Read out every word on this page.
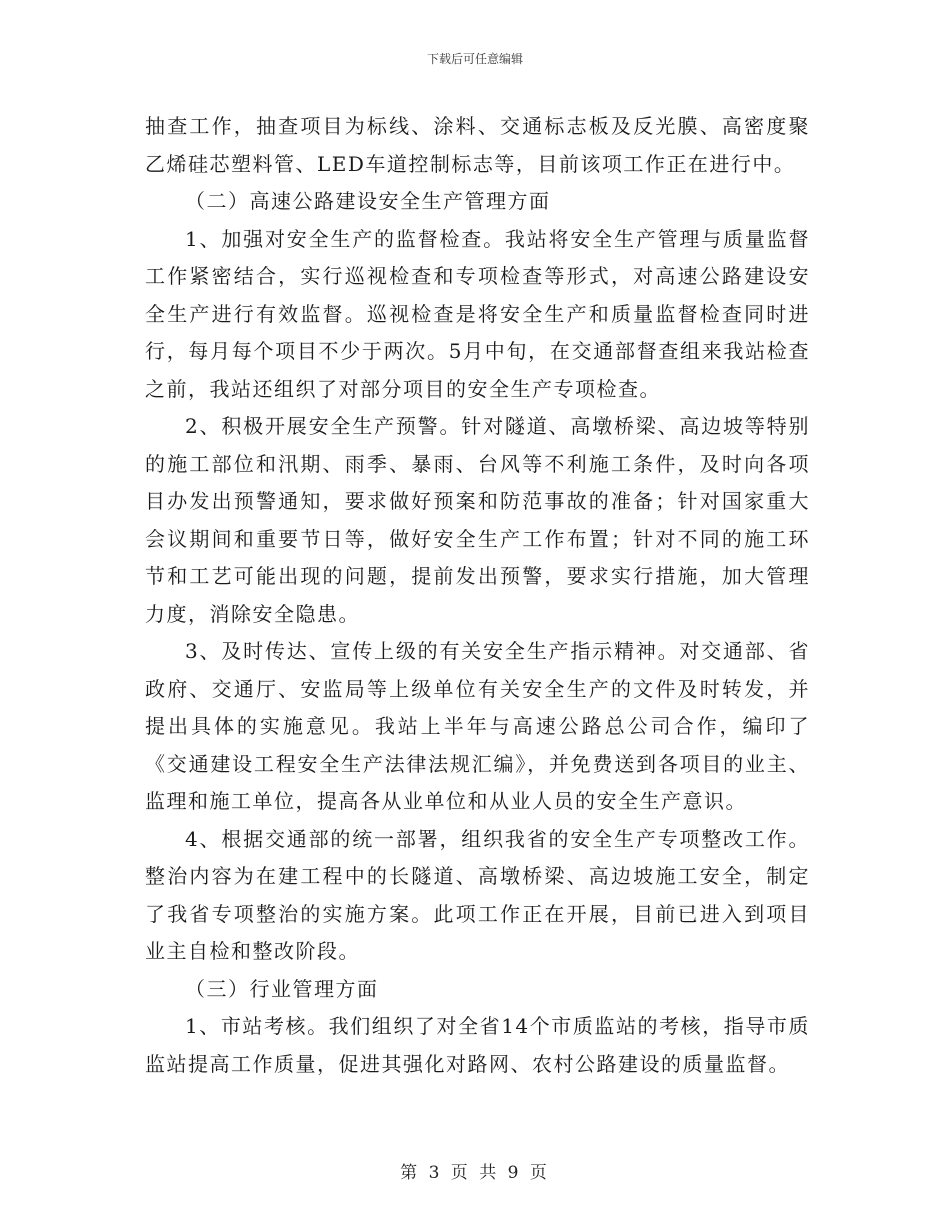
下载后可任意编辑

抽查工作，抽查项目为标线、涂料、交通标志板及反光膜、高密度聚乙烯硅芯塑料管、LED车道控制标志等，目前该项工作正在进行中。

（二）高速公路建设安全生产管理方面

1、加强对安全生产的监督检查。我站将安全生产管理与质量监督工作紧密结合，实行巡视检查和专项检查等形式，对高速公路建设安全生产进行有效监督。巡视检查是将安全生产和质量监督检查同时进行，每月每个项目不少于两次。5月中旬，在交通部督查组来我站检查之前，我站还组织了对部分项目的安全生产专项检查。

2、积极开展安全生产预警。针对隧道、高墩桥梁、高边坡等特别的施工部位和汛期、雨季、暴雨、台风等不利施工条件，及时向各项目办发出预警通知，要求做好预案和防范事故的准备；针对国家重大会议期间和重要节日等，做好安全生产工作布置；针对不同的施工环节和工艺可能出现的问题，提前发出预警，要求实行措施，加大管理力度，消除安全隐患。

3、及时传达、宣传上级的有关安全生产指示精神。对交通部、省政府、交通厅、安监局等上级单位有关安全生产的文件及时转发，并提出具体的实施意见。我站上半年与高速公路总公司合作，编印了《交通建设工程安全生产法律法规汇编》，并免费送到各项目的业主、监理和施工单位，提高各从业单位和从业人员的安全生产意识。

4、根据交通部的统一部署，组织我省的安全生产专项整改工作。整治内容为在建工程中的长隧道、高墩桥梁、高边坡施工安全，制定了我省专项整治的实施方案。此项工作正在开展，目前已进入到项目业主自检和整改阶段。

（三）行业管理方面

1、市站考核。我们组织了对全省14个市质监站的考核，指导市质监站提高工作质量，促进其强化对路网、农村公路建设的质量监督。

第 3 页 共 9 页
